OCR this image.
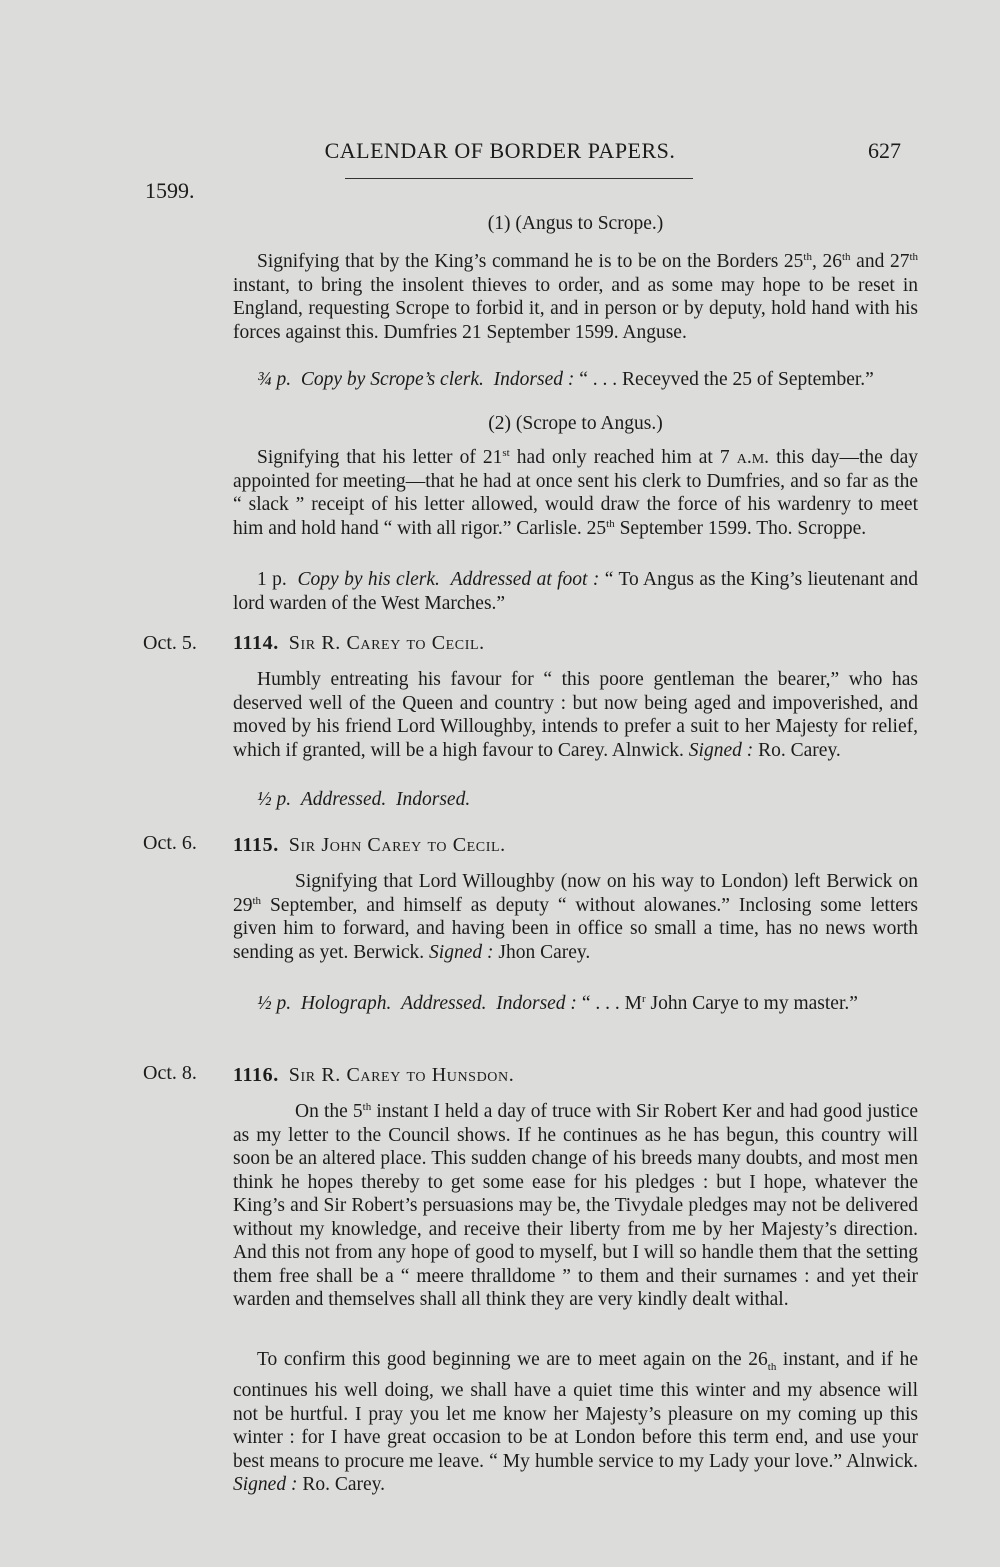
CALENDAR OF BORDER PAPERS.	627
1599.
(1) (Angus to Scrope.)
Signifying that by the King’s command he is to be on the Borders 25th, 26th and 27th instant, to bring the insolent thieves to order, and as some may hope to be reset in England, requesting Scrope to forbid it, and in person or by deputy, hold hand with his forces against this. Dumfries 21 September 1599. Anguse.
¾ p. Copy by Scrope’s clerk. Indorsed : “ . . . Receyved the 25 of September.”
(2) (Scrope to Angus.)
Signifying that his letter of 21st had only reached him at 7 a.m. this day—the day appointed for meeting—that he had at once sent his clerk to Dumfries, and so far as the “ slack ” receipt of his letter allowed, would draw the force of his wardenry to meet him and hold hand “ with all rigor.” Carlisle. 25th September 1599. Tho. Scroppe.
1 p. Copy by his clerk. Addressed at foot : “ To Angus as the King’s lieutenant and lord warden of the West Marches.”
Oct. 5. 1114. Sir R. Carey to Cecil.
Humbly entreating his favour for “ this poore gentleman the bearer,” who has deserved well of the Queen and country : but now being aged and impoverished, and moved by his friend Lord Willoughby, intends to prefer a suit to her Majesty for relief, which if granted, will be a high favour to Carey. Alnwick. Signed : Ro. Carey.
½ p. Addressed. Indorsed.
Oct. 6. 1115. Sir John Carey to Cecil.
Signifying that Lord Willoughby (now on his way to London) left Berwick on 29th September, and himself as deputy “ without alowanes.” Inclosing some letters given him to forward, and having been in office so small a time, has no news worth sending as yet. Berwick. Signed : Jhon Carey.
½ p. Holograph. Addressed. Indorsed : “ . . . $M^r$ John Carye to my master.”
Oct. 8. 1116. Sir R. Carey to Hunsdon.
On the 5th instant I held a day of truce with Sir Robert Ker and had good justice as my letter to the Council shows. If he continues as he has begun, this country will soon be an altered place. This sudden change of his breeds many doubts, and most men think he hopes thereby to get some ease for his pledges : but I hope, whatever the King’s and Sir Robert’s persuasions may be, the Tivydale pledges may not be delivered without my knowledge, and receive their liberty from me by her Majesty’s direction. And this not from any hope of good to myself, but I will so handle them that the setting them free shall be a “ meere thralldome ” to them and their surnames : and yet their warden and themselves shall all think they are very kindly dealt withal.
To confirm this good beginning we are to meet again on the $26_{th}$ instant, and if he continues his well doing, we shall have a quiet time this winter and my absence will not be hurtful. I pray you let me know her Majesty’s pleasure on my coming up this winter : for I have great occasion to be at London before this term end, and use your best means to procure me leave. “ My humble service to my Lady your love.” Alnwick. Signed : Ro. Carey.
